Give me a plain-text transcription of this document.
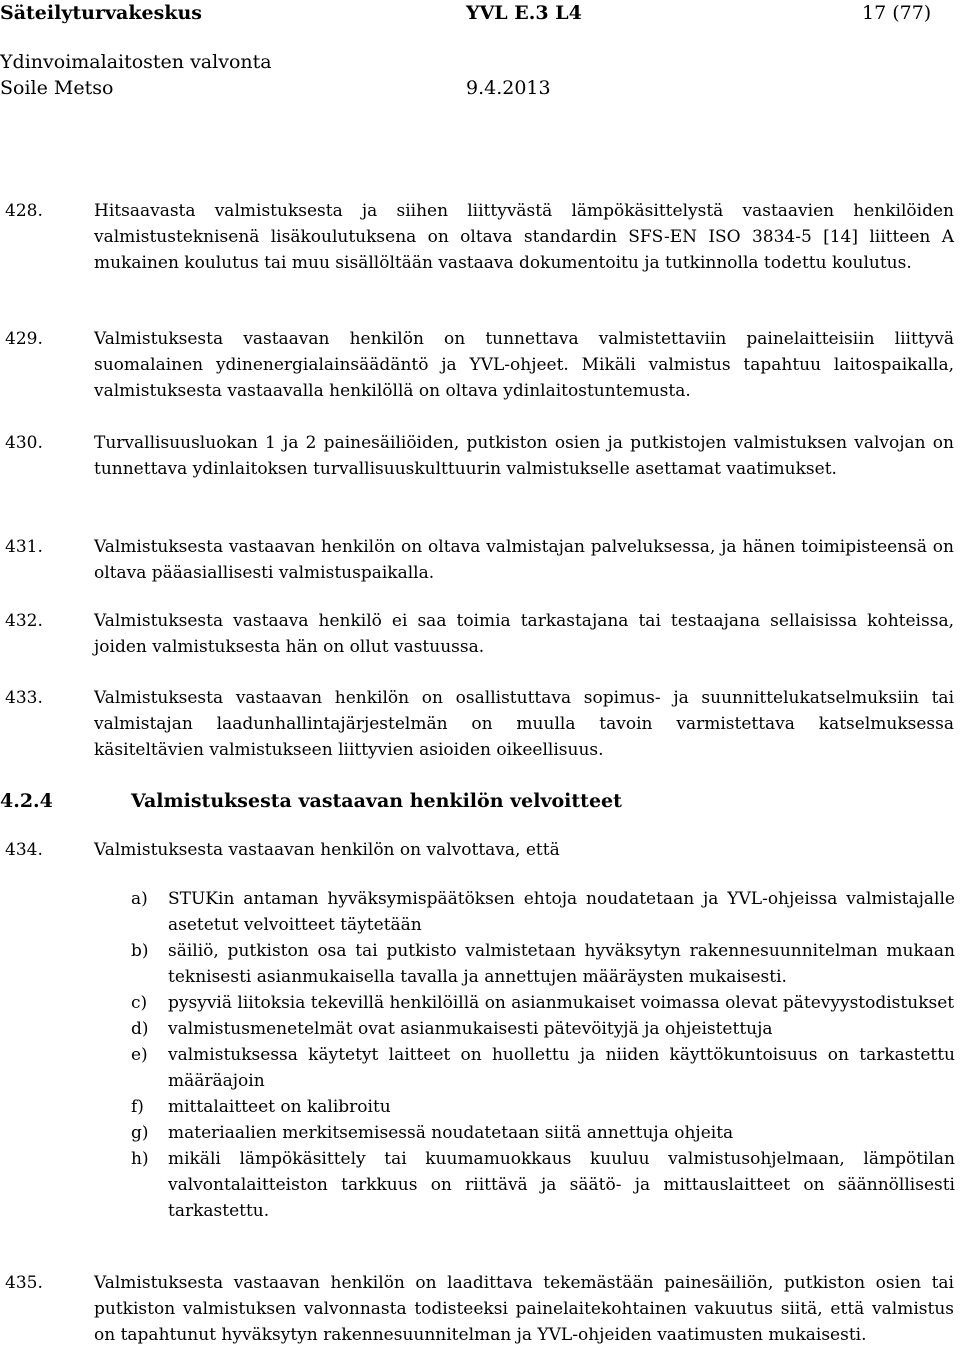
Säteilyturvakeskus	YVL E.3 L4	17 (77)
Ydinvoimalaitosten valvonta
Soile Metso	9.4.2013
428.	Hitsaavasta valmistuksesta ja siihen liittyvästä lämpökäsittelystä vastaavien henkilöiden valmistusteknisenä lisäkoulutuksena on oltava standardin SFS-EN ISO 3834-5 [14] liitteen A mukainen koulutus tai muu sisällöltään vastaava dokumentoitu ja tutkinnolla todettu koulutus.
429.	Valmistuksesta vastaavan henkilön on tunnettava valmistettaviin painelaitteisiin liittyvä suomalainen ydinenergialainsäädäntö ja YVL-ohjeet. Mikäli valmistus tapahtuu laitospaikalla, valmistuksesta vastaavalla henkilöllä on oltava ydinlaitostuntemusta.
430.	Turvallisuusluokan 1 ja 2 painesäiliöiden, putkiston osien ja putkistojen valmistuksen valvojan on tunnettava ydinlaitoksen turvallisuuskulttuurin valmistukselle asettamat vaatimukset.
431.	Valmistuksesta vastaavan henkilön on oltava valmistajan palveluksessa, ja hänen toimipisteensä on oltava pääasiallisesti valmistuspaikalla.
432.	Valmistuksesta vastaava henkilö ei saa toimia tarkastajana tai testaajana sellaisissa kohteissa, joiden valmistuksesta hän on ollut vastuussa.
433.	Valmistuksesta vastaavan henkilön on osallistuttava sopimus- ja suunnittelukatselmuksiin tai valmistajan laadunhallintajärjestelmän on muulla tavoin varmistettava katselmuksessa käsiteltävien valmistukseen liittyvien asioiden oikeellisuus.
4.2.4	Valmistuksesta vastaavan henkilön velvoitteet
434.	Valmistuksesta vastaavan henkilön on valvottava, että

a) STUKin antaman hyväksymispäätöksen ehtoja noudatetaan ja YVL-ohjeissa valmistajalle asetetut velvoitteet täytetään

b) säiliö, putkiston osa tai putkisto valmistetaan hyväksytyn rakennesuunnitelman mukaan teknisesti asianmukaisella tavalla ja annettujen määräysten mukaisesti.

c) pysyviä liitoksia tekevillä henkilöillä on asianmukaiset voimassa olevat pätevyystodistukset

d) valmistusmenetelmät ovat asianmukaisesti pätevöityjä ja ohjeistettuja

e) valmistuksessa käytetyt laitteet on huollettu ja niiden käyttökuntoisuus on tarkastettu määräajoin

f) mittalaitteet on kalibroitu

g) materiaalien merkitsemisessä noudatetaan siitä annettuja ohjeita

h) mikäli lämpökäsittely tai kuumamuokkaus kuuluu valmistusohjelmaan, lämpötilan valvontalaitteiston tarkkuus on riittävä ja säätö- ja mittauslaitteet on säännöllisesti tarkastettu.

435.	Valmistuksesta vastaavan henkilön on laadittava tekemästään painesäiliön, putkiston osien tai putkiston valmistuksen valvonnasta todisteeksi painelaitekohtainen vakuutus siitä, että valmistus on tapahtunut hyväksytyn rakennesuunnitelman ja YVL-ohjeiden vaatimusten mukaisesti.
